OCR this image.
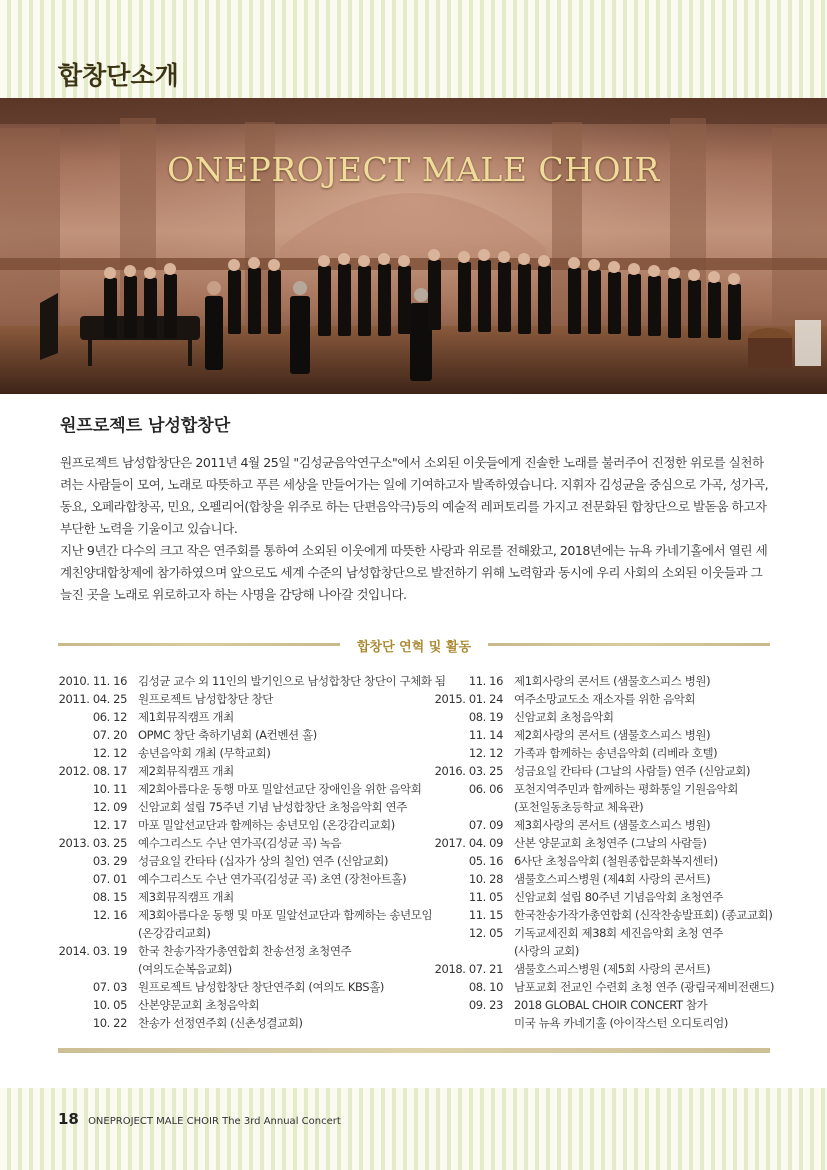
합창단소개
ONEPROJECT MALE CHOIR
원프로젝트 남성합창단

원프로젝트 남성합창단은 2011년 4월 25일 "김성균음악연구소"에서 소외된 이웃들에게 진솔한 노래를 불러주어 진정한 위로를 실천하려는 사람들이 모여, 노래로 따뜻하고 푸른 세상을 만들어가는 일에 기여하고자 발족하였습니다. 지휘자 김성균을 중심으로 가곡, 성가곡, 동요, 오페라합창곡, 민요, 오펠리어(합창을 위주로 하는 단편음악극)등의 예술적 레퍼토리를 가지고 전문화된 합창단으로 발돋움 하고자 부단한 노력을 기울이고 있습니다.

지난 9년간 다수의 크고 작은 연주회를 통하여 소외된 이웃에게 따뜻한 사랑과 위로를 전해왔고, 2018년에는 뉴욕 카네기홀에서 열린 세계친양대합창제에 참가하였으며 앞으로도 세계 수준의 남성합창단으로 발전하기 위해 노력함과 동시에 우리 사회의 소외된 이웃들과 그늘진 곳을 노래로 위로하고자 하는 사명을 감당해 나아갈 것입니다.

합창단 연혁 및 활동
2010. 11. 16 김성균 교수 외 11인의 발기인으로 남성합창단 창단이 구체화 됨
2011. 04. 25 원프로젝트 남성합창단 창단
06. 12 제1회뮤직캠프 개최
07. 20 OPMC 창단 축하기념회 (A컨벤션 홀)
12. 12 송년음악회 개최 (무학교회)
2012. 08. 17 제2회뮤직캠프 개최
10. 11 제2회아름다운 동행 마포 밀알선교단 장애인을 위한 음악회
12. 09 신암교회 설립 75주년 기념 남성합창단 초청음악회 연주
12. 17 마포 밀알선교단과 함께하는 송년모임 (온강감리교회)
2013. 03. 25 예수그리스도 수난 연가곡(김성균 곡) 녹음
03. 29 성금요일 칸타타 (십자가 상의 칠언) 연주 (신암교회)
07. 01 예수그리스도 수난 연가곡(김성균 곡) 초연 (장천아트홀)
08. 15 제3회뮤직캠프 개최
12. 16 제3회아름다운 동행 및 마포 밀알선교단과 함께하는 송년모임
(온강감리교회)
2014. 03. 19 한국 찬송가작가총연합회 찬송선정 초청연주
(여의도순복음교회)
07. 03 원프로젝트 남성합창단 창단연주회 (여의도 KBS홀)
10. 05 산본양문교회 초청음악회
10. 22 찬송가 선정연주회 (신촌성결교회)
11. 16 제1회사랑의 콘서트 (샘물호스피스 병원)
2015. 01. 24 여주소망교도소 재소자를 위한 음악회
08. 19 신암교회 초청음악회
11. 14 제2회사랑의 콘서트 (샘물호스피스 병원)
12. 12 가족과 함께하는 송년음악회 (리베라 호텔)
2016. 03. 25 성금요일 칸타타 (그날의 사람들) 연주 (신암교회)
06. 06 포천지역주민과 함께하는 평화통일 기원음악회
(포천일동초등학교 체육관)
07. 09 제3회사랑의 콘서트 (샘물호스피스 병원)
2017. 04. 09 산본 양문교회 초청연주 (그날의 사람들)
05. 16 6사단 초청음악회 (철원종합문화복지센터)
10. 28 샘물호스피스병원 (제4회 사랑의 콘서트)
11. 05 신암교회 설립 80주년 기념음악회 초청연주
11. 15 한국찬송가작가총연합회 (신작찬송발표회) (종교교회)
12. 05 기독교세진회 제38회 세진음악회 초청 연주
(사랑의 교회)
2018. 07. 21 샘물호스피스병원 (제5회 사랑의 콘서트)
08. 10 남포교회 전교인 수련회 초청 연주 (광림국제비전랜드)
09. 23 2018 GLOBAL CHOIR CONCERT 참가
미국 뉴욕 카네기홀 (아이작스턴 오디토리엄)
18 ONEPROJECT MALE CHOIR The 3rd Annual Concert
